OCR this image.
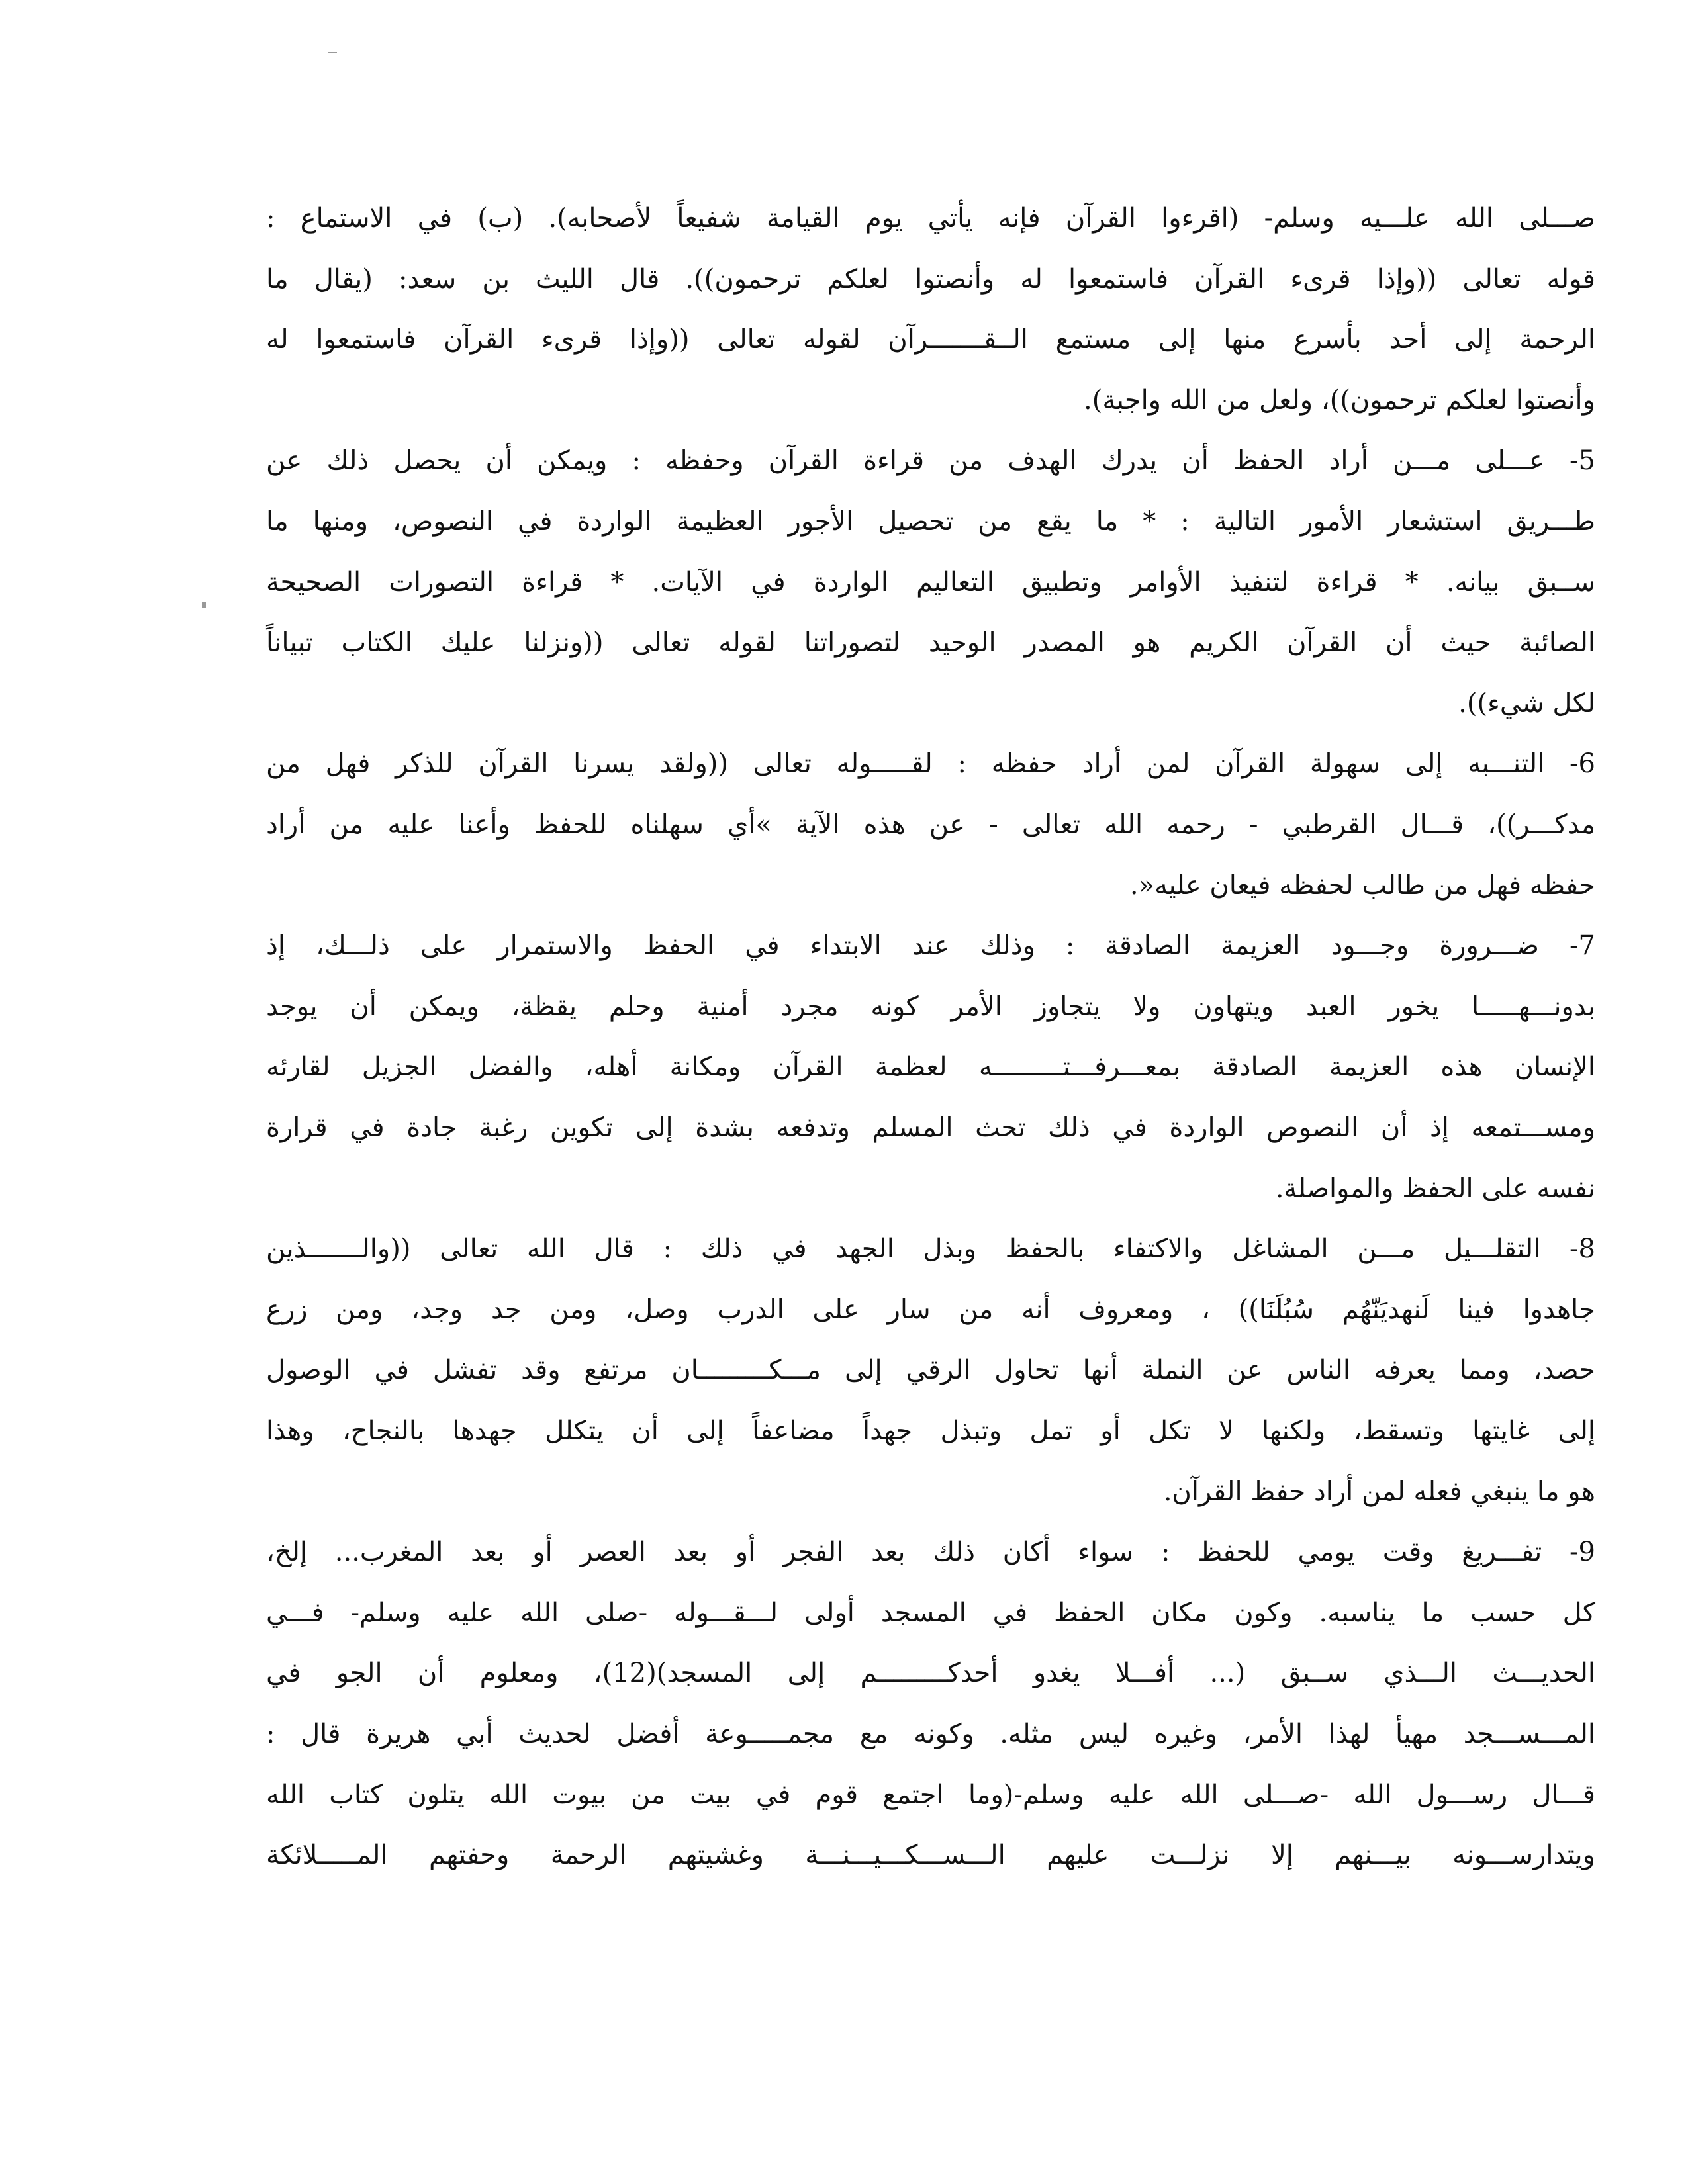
صـــلى الله علـــيه وسلم- (اقرءوا القرآن فإنه يأتي يوم القيامة شفيعاً لأصحابه). (ب) في الاستماع :
قوله تعالى ((وإذا قرىء القرآن فاستمعوا له وأنصتوا لعلكم ترحمون)). قال الليث بن سعد: (يقال ما
الرحمة إلى أحد بأسرع منها إلى مستمع الــقـــــــرآن لقوله تعالى ((وإذا قرىء القرآن فاستمعوا له
وأنصتوا لعلكم ترحمون))، ولعل من الله واجبة).
5- عـــلى مـــن أراد الحفظ أن يدرك الهدف من قراءة القرآن وحفظه : ويمكن أن يحصل ذلك عن
طـــريق استشعار الأمور التالية : * ما يقع من تحصيل الأجور العظيمة الواردة في النصوص، ومنها ما
ســبق بيانه. * قراءة لتنفيذ الأوامر وتطبيق التعاليم الواردة في الآيات. * قراءة التصورات الصحيحة
الصائبة حيث أن القرآن الكريم هو المصدر الوحيد لتصوراتنا لقوله تعالى ((ونزلنا عليك الكتاب تبياناً
لكل شيء)).
6- التنـــبه إلى سهولة القرآن لمن أراد حفظه : لقـــــوله تعالى ((ولقد يسرنا القرآن للذكر فهل من
مدكـــر))، قـــال القرطبي - رحمه الله تعالى - عن هذه الآية »أي سهلناه للحفظ وأعنا عليه من أراد
حفظه فهل من طالب لحفظه فيعان عليه«.
7- ضـــرورة وجـــود العزيمة الصادقة : وذلك عند الابتداء في الحفظ والاستمرار على ذلـــك، إذ
بدونـــهـــــا يخور العبد ويتهاون ولا يتجاوز الأمر كونه مجرد أمنية وحلم يقظة، ويمكن أن يوجد
الإنسان هذه العزيمة الصادقة بمعـــرفـــتـــــــــه لعظمة القرآن ومكانة أهله، والفضل الجزيل لقارئه
ومســـتمعه إذ أن النصوص الواردة في ذلك تحث المسلم وتدفعه بشدة إلى تكوين رغبة جادة في قرارة
نفسه على الحفظ والمواصلة.
8- التقلـــيل مـــن المشاغل والاكتفاء بالحفظ وبذل الجهد في ذلك : قال الله تعالى ((والـــــــذين
جاهدوا فينا لَنهديَنّهُم سُبُلَنَا)) ، ومعروف أنه من سار على الدرب وصل، ومن جد وجد، ومن زرع
حصد، ومما يعرفه الناس عن النملة أنها تحاول الرقي إلى مـــكـــــــــان مرتفع وقد تفشل في الوصول
إلى غايتها وتسقط، ولكنها لا تكل أو تمل وتبذل جهداً مضاعفاً إلى أن يتكلل جهدها بالنجاح، وهذا
هو ما ينبغي فعله لمن أراد حفظ القرآن.
9- تفـــريغ وقت يومي للحفظ : سواء أكان ذلك بعد الفجر أو بعد العصر أو بعد المغرب... إلخ،
كل حسب ما يناسبه. وكون مكان الحفظ في المسجد أولى لـــقـــوله -صلى الله عليه وسلم- فـــي
الحديـــث الـــذي ســبق (... أفـــلا يغدو أحدكـــــــــم إلى المسجد)(12)، ومعلوم أن الجو في
المـــســـجد مهيأ لهذا الأمر، وغيره ليس مثله. وكونه مع مجمـــــوعة أفضل لحديث أبي هريرة قال :
قـــال رســـول الله -صـــلى الله عليه وسلم-(وما اجتمع قوم في بيت من بيوت الله يتلون كتاب الله
ويتدارســـونه بيـــنهم إلا نزلـــت عليهم الـــســـكـــيـــنـــة وغشيتهم الرحمة وحفتهم المـــــلائكة
